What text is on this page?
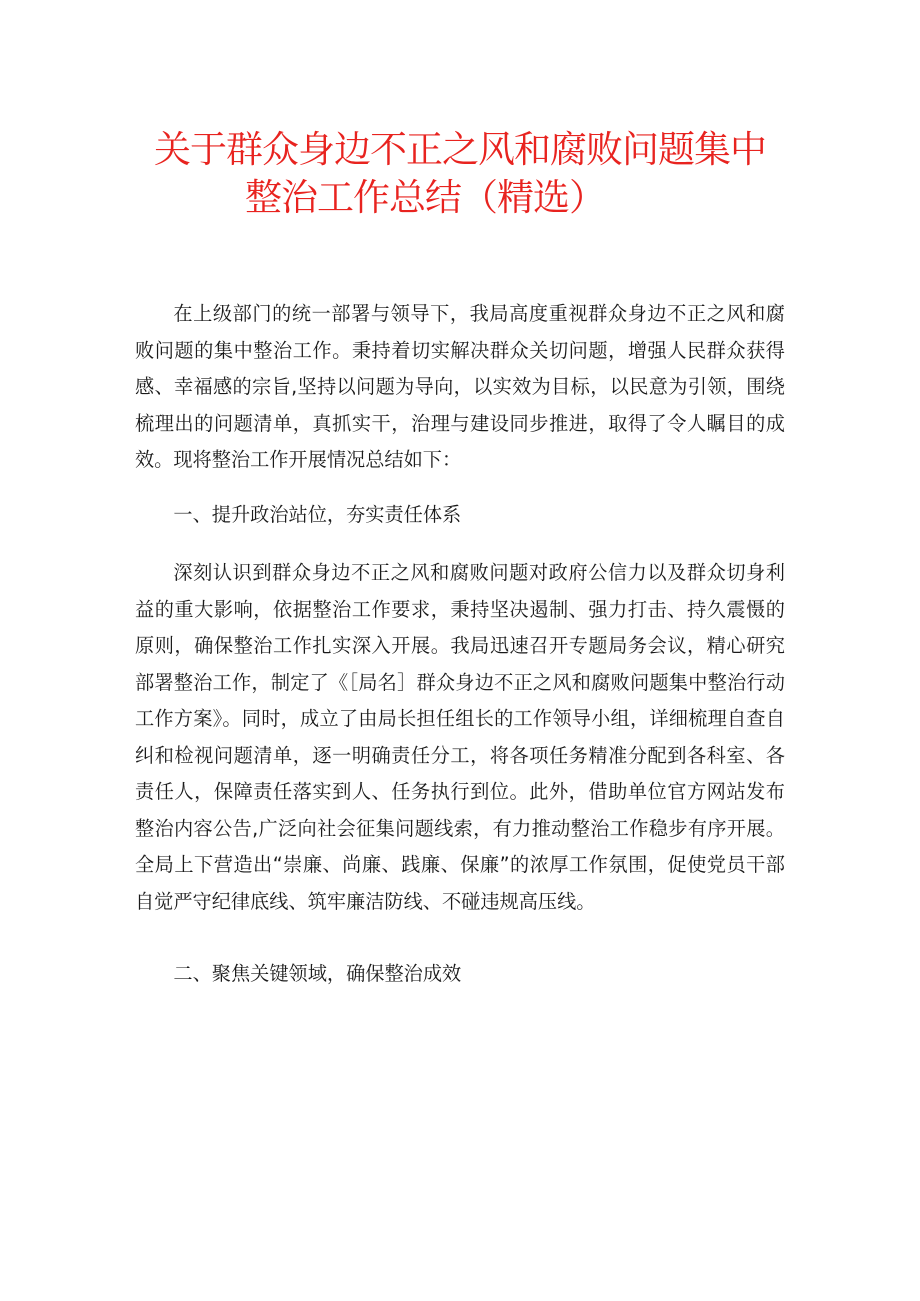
关于群众身边不正之风和腐败问题集中
整治工作总结（精选）

在上级部门的统一部署与领导下，我局高度重视群众身边不正之风和腐败问题的集中整治工作。秉持着切实解决群众关切问题，增强人民群众获得感、幸福感的宗旨,坚持以问题为导向，以实效为目标，以民意为引领，围绕梳理出的问题清单，真抓实干，治理与建设同步推进，取得了令人瞩目的成效。现将整治工作开展情况总结如下：

一、提升政治站位，夯实责任体系

深刻认识到群众身边不正之风和腐败问题对政府公信力以及群众切身利益的重大影响，依据整治工作要求，秉持坚决遏制、强力打击、持久震慑的原则，确保整治工作扎实深入开展。我局迅速召开专题局务会议，精心研究部署整治工作，制定了《［局名］群众身边不正之风和腐败问题集中整治行动工作方案》。同时，成立了由局长担任组长的工作领导小组，详细梳理自查自纠和检视问题清单，逐一明确责任分工，将各项任务精准分配到各科室、各责任人，保障责任落实到人、任务执行到位。此外，借助单位官方网站发布整治内容公告,广泛向社会征集问题线索，有力推动整治工作稳步有序开展。全局上下营造出“崇廉、尚廉、践廉、保廉”的浓厚工作氛围，促使党员干部自觉严守纪律底线、筑牢廉洁防线、不碰违规高压线。

二、聚焦关键领域，确保整治成效
